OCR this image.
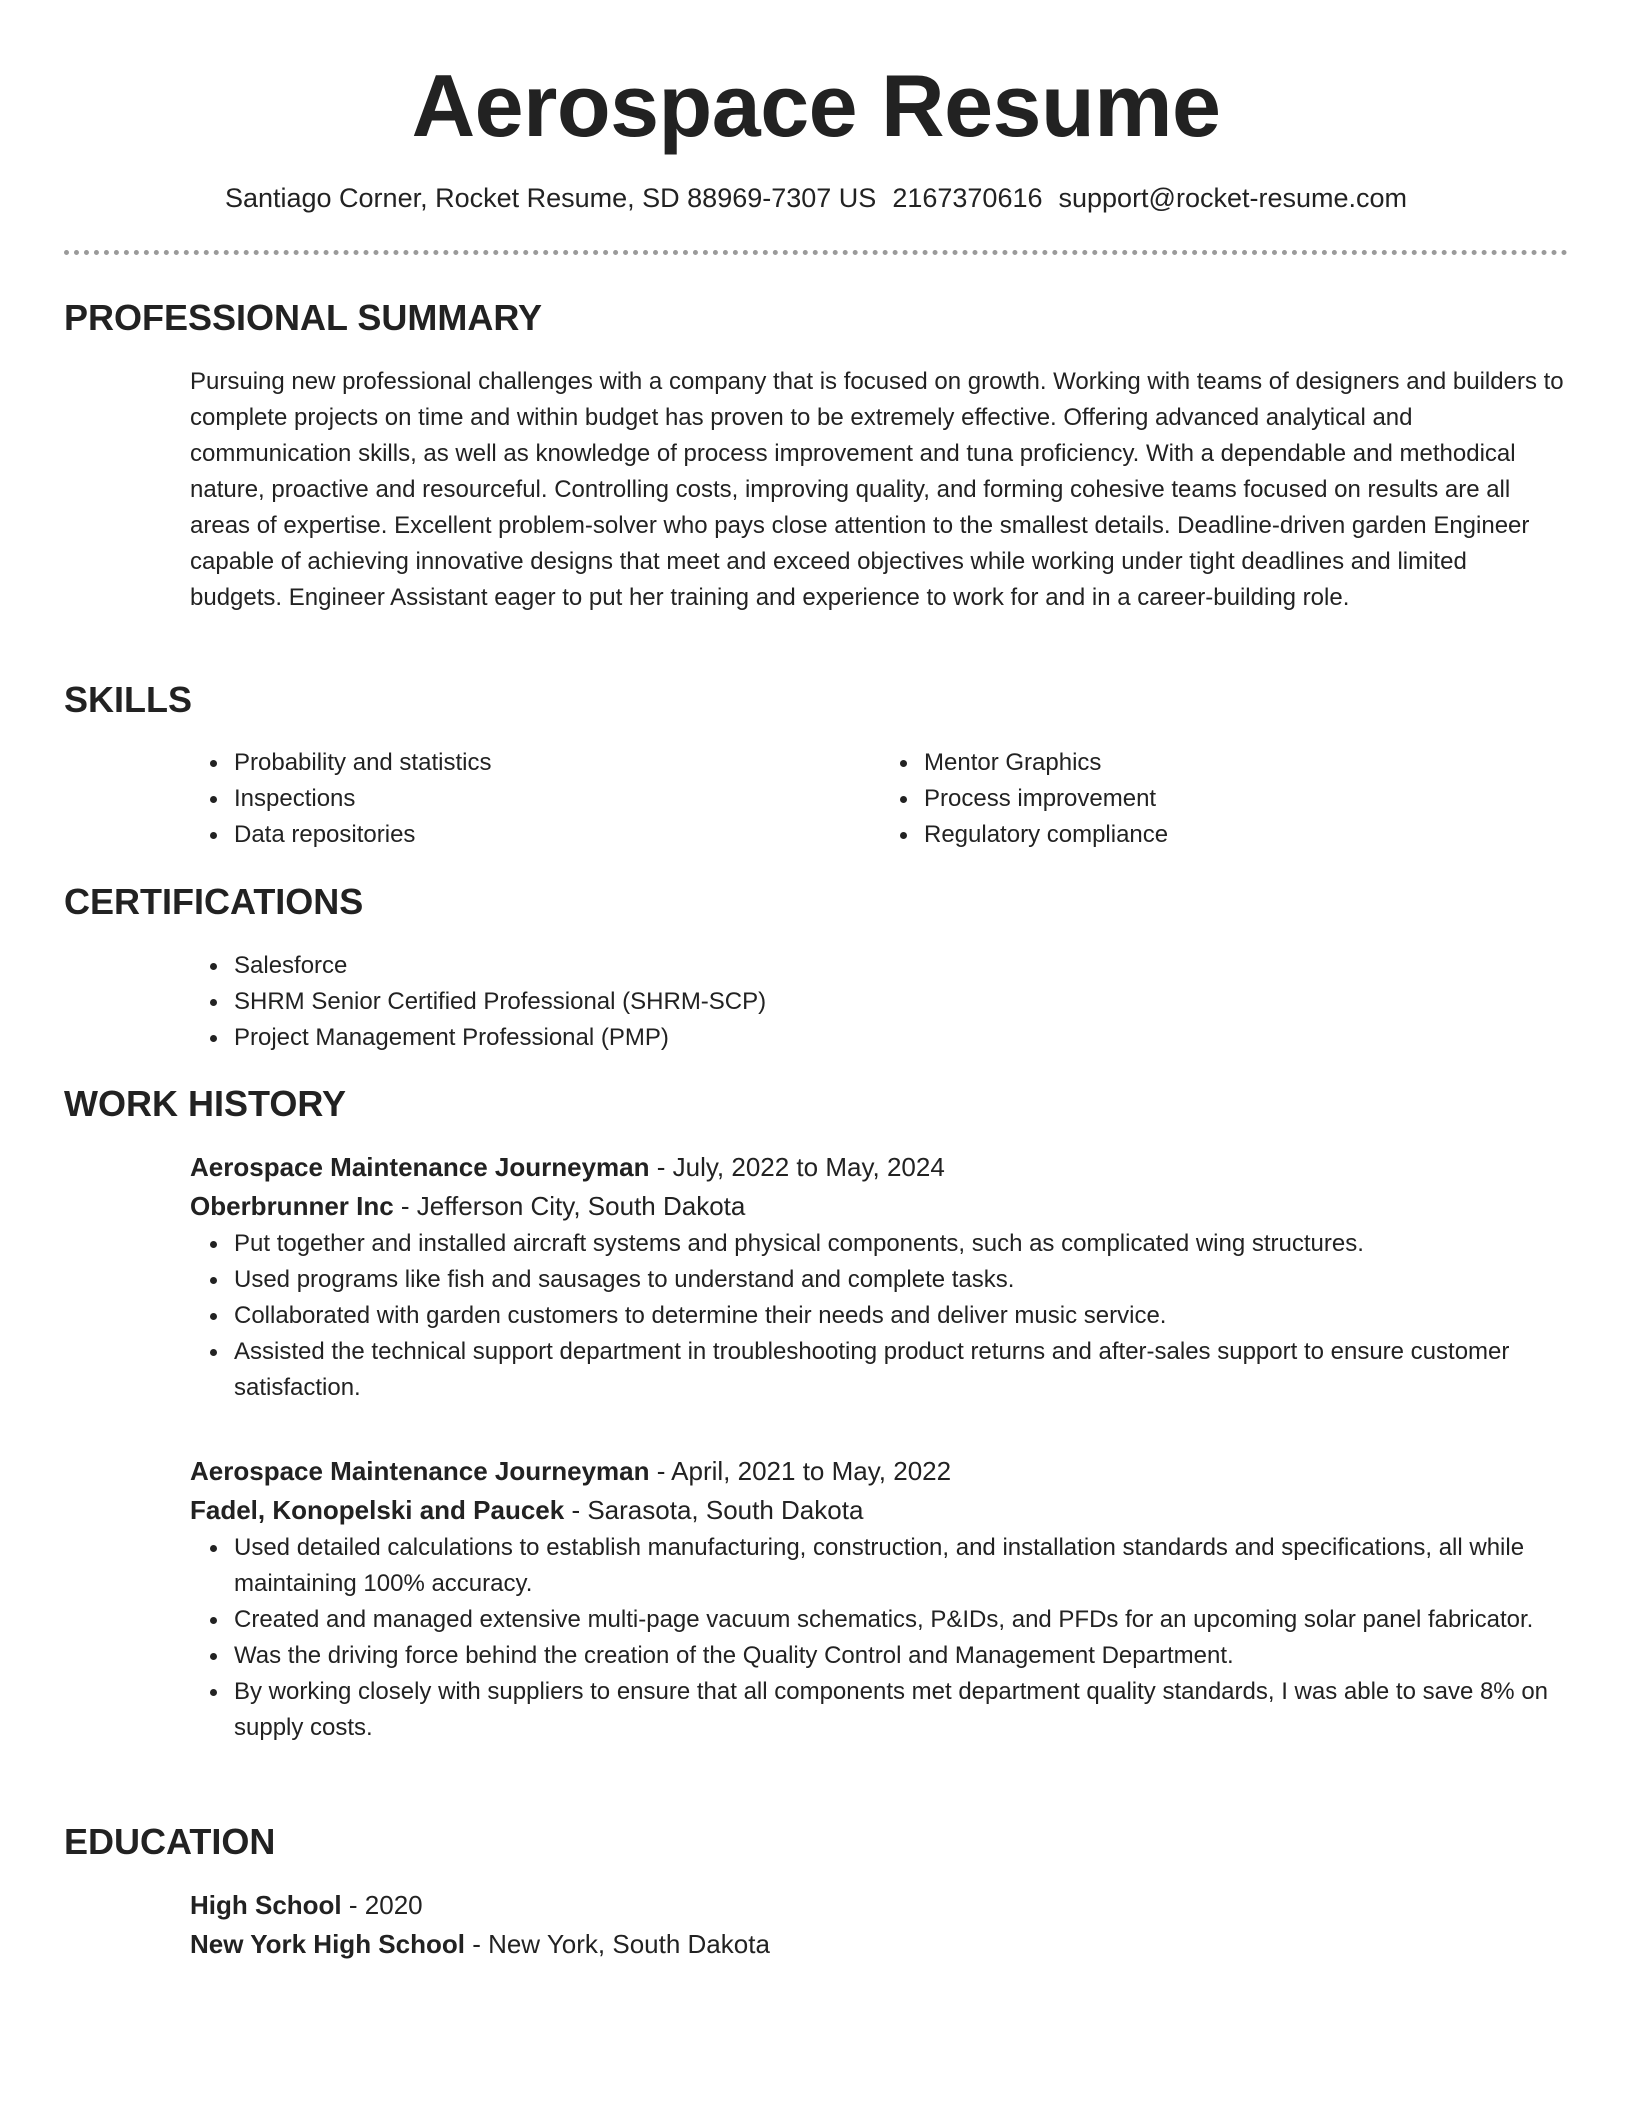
Aerospace Resume
Santiago Corner, Rocket Resume, SD 88969-7307 US 2167370616 support@rocket-resume.com
PROFESSIONAL SUMMARY

Pursuing new professional challenges with a company that is focused on growth. Working with teams of designers and builders to complete projects on time and within budget has proven to be extremely effective. Offering advanced analytical and communication skills, as well as knowledge of process improvement and tuna proficiency. With a dependable and methodical nature, proactive and resourceful. Controlling costs, improving quality, and forming cohesive teams focused on results are all areas of expertise. Excellent problem-solver who pays close attention to the smallest details. Deadline-driven garden Engineer capable of achieving innovative designs that meet and exceed objectives while working under tight deadlines and limited budgets. Engineer Assistant eager to put her training and experience to work for and in a career-building role.

SKILLS
Probability and statistics
Inspections
Data repositories
Mentor Graphics
Process improvement
Regulatory compliance
CERTIFICATIONS
Salesforce
SHRM Senior Certified Professional (SHRM-SCP)
Project Management Professional (PMP)
WORK HISTORY

Aerospace Maintenance Journeyman - July, 2022 to May, 2024

Oberbrunner Inc - Jefferson City, South Dakota

Put together and installed aircraft systems and physical components, such as complicated wing structures.
Used programs like fish and sausages to understand and complete tasks.
Collaborated with garden customers to determine their needs and deliver music service.
Assisted the technical support department in troubleshooting product returns and after-sales support to ensure customer satisfaction.

Aerospace Maintenance Journeyman - April, 2021 to May, 2022

Fadel, Konopelski and Paucek - Sarasota, South Dakota

Used detailed calculations to establish manufacturing, construction, and installation standards and specifications, all while maintaining 100% accuracy.
Created and managed extensive multi-page vacuum schematics, P&IDs, and PFDs for an upcoming solar panel fabricator.
Was the driving force behind the creation of the Quality Control and Management Department.
By working closely with suppliers to ensure that all components met department quality standards, I was able to save 8% on supply costs.
EDUCATION

High School - 2020

New York High School - New York, South Dakota
